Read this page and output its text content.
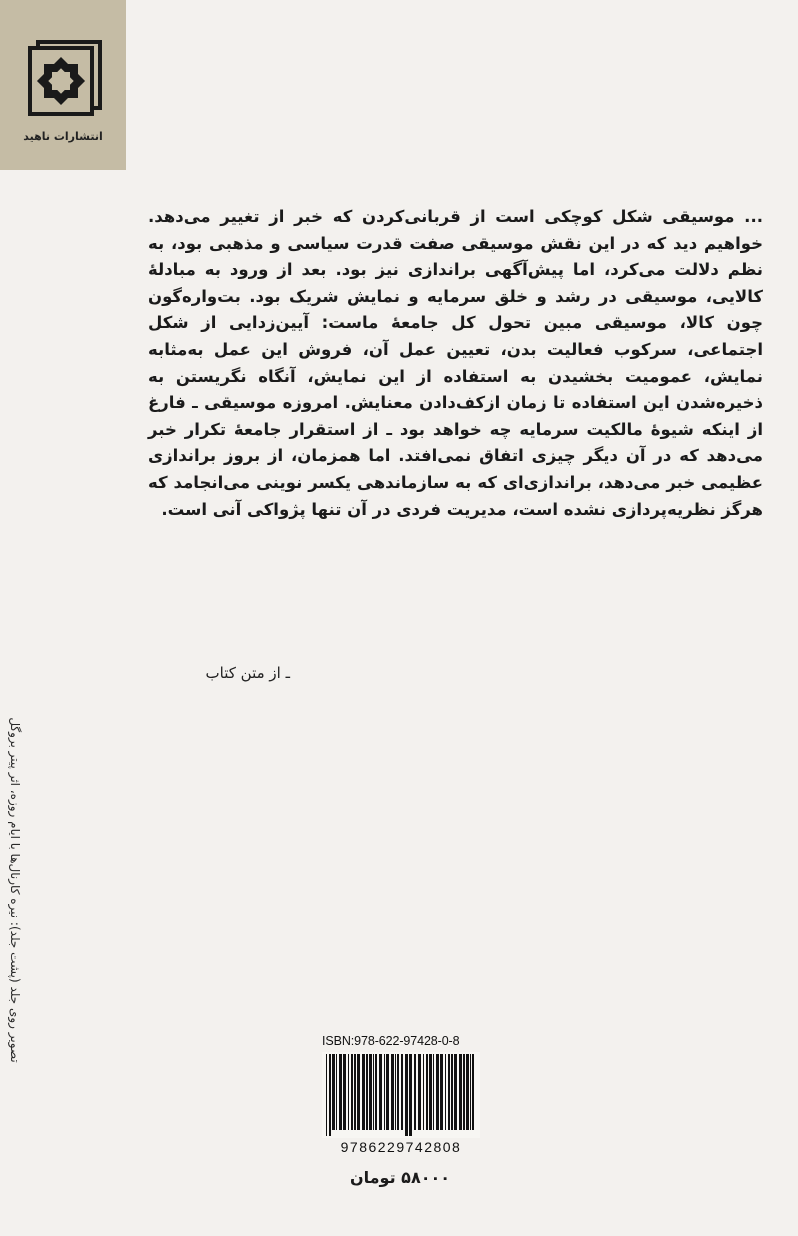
انتشارات ناهید

... موسیقی شکل کوچکی است از قربانی‌کردن که خبر از تغییر می‌دهد. خواهیم دید که در این نقش موسیقی صفت قدرت سیاسی و مذهبی بود، به نظم دلالت می‌کرد، اما پیش‌آگهی براندازی نیز بود. بعد از ورود به مبادلهٔ کالایی، موسیقی در رشد و خلق سرمایه و نمایش شریک بود. بت‌واره‌گون چون کالا، موسیقی مبین تحول کل جامعهٔ ماست: آیین‌زدایی از شکل اجتماعی، سرکوب فعالیت بدن، تعیین عمل آن، فروش این عمل به‌مثابه نمایش، عمومیت بخشیدن به استفاده از این نمایش، آنگاه نگریستن به ذخیره‌شدن این استفاده تا زمان ازکف‌دادن معنایش. امروزه موسیقی ـ فارغ از اینکه شیوهٔ مالکیت سرمایه چه خواهد بود ـ از استقرار جامعهٔ تکرار خبر می‌دهد که در آن دیگر چیزی اتفاق نمی‌افتد. اما همزمان، از بروز براندازی عظیمی خبر می‌دهد، براندازی‌ای که به سازماندهی یکسر نوینی می‌انجامد که هرگز نظریه‌پردازی نشده است، مدیریت فردی در آن تنها پژواکی آنی است.

ـ از متن کتاب
تصویر روی جلد (پشت جلد): نیره کارنال‌ها با ایام روزه، اثر پیتر بروگل	ISBN:978-622-97428-0-8
9786229742808
۵۸۰۰۰ تومان
